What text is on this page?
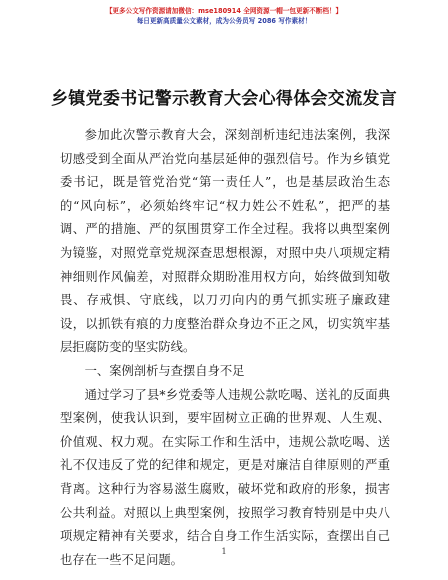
【更多公文写作资源请加微信：mse180914 全网资源一帽一包更新不断档！】
每日更新高质量公文素材，成为公务员写 2086 写作素材！
乡镇党委书记警示教育大会心得体会交流发言

参加此次警示教育大会，深刻剖析违纪违法案例，我深切感受到全面从严治党向基层延伸的强烈信号。作为乡镇党委书记，既是管党治党“第一责任人”，也是基层政治生态的“风向标”，必须始终牢记“权力姓公不姓私”，把严的基调、严的措施、严的氛围贯穿工作全过程。我将以典型案例为镜鉴，对照党章党规深查思想根源，对照中央八项规定精神细则作风偏差，对照群众期盼准用权方向，始终做到知敬畏、存戒惧、守底线，以刀刃向内的勇气抓实班子廉政建设，以抓铁有痕的力度整治群众身边不正之风，切实筑牢基层拒腐防变的坚实防线。

一、案例剖析与查摆自身不足

通过学习了县*乡党委等人违规公款吃喝、送礼的反面典型案例，使我认识到，要牢固树立正确的世界观、人生观、价值观、权力观。在实际工作和生活中，违规公款吃喝、送礼不仅违反了党的纪律和规定，更是对廉洁自律原则的严重背离。这种行为容易滋生腐败，破坏党和政府的形象，损害公共利益。对照以上典型案例，按照学习教育特别是中央八项规定精神有关要求，结合自身工作生活实际，查摆出自己也存在一些不足问题。

1
